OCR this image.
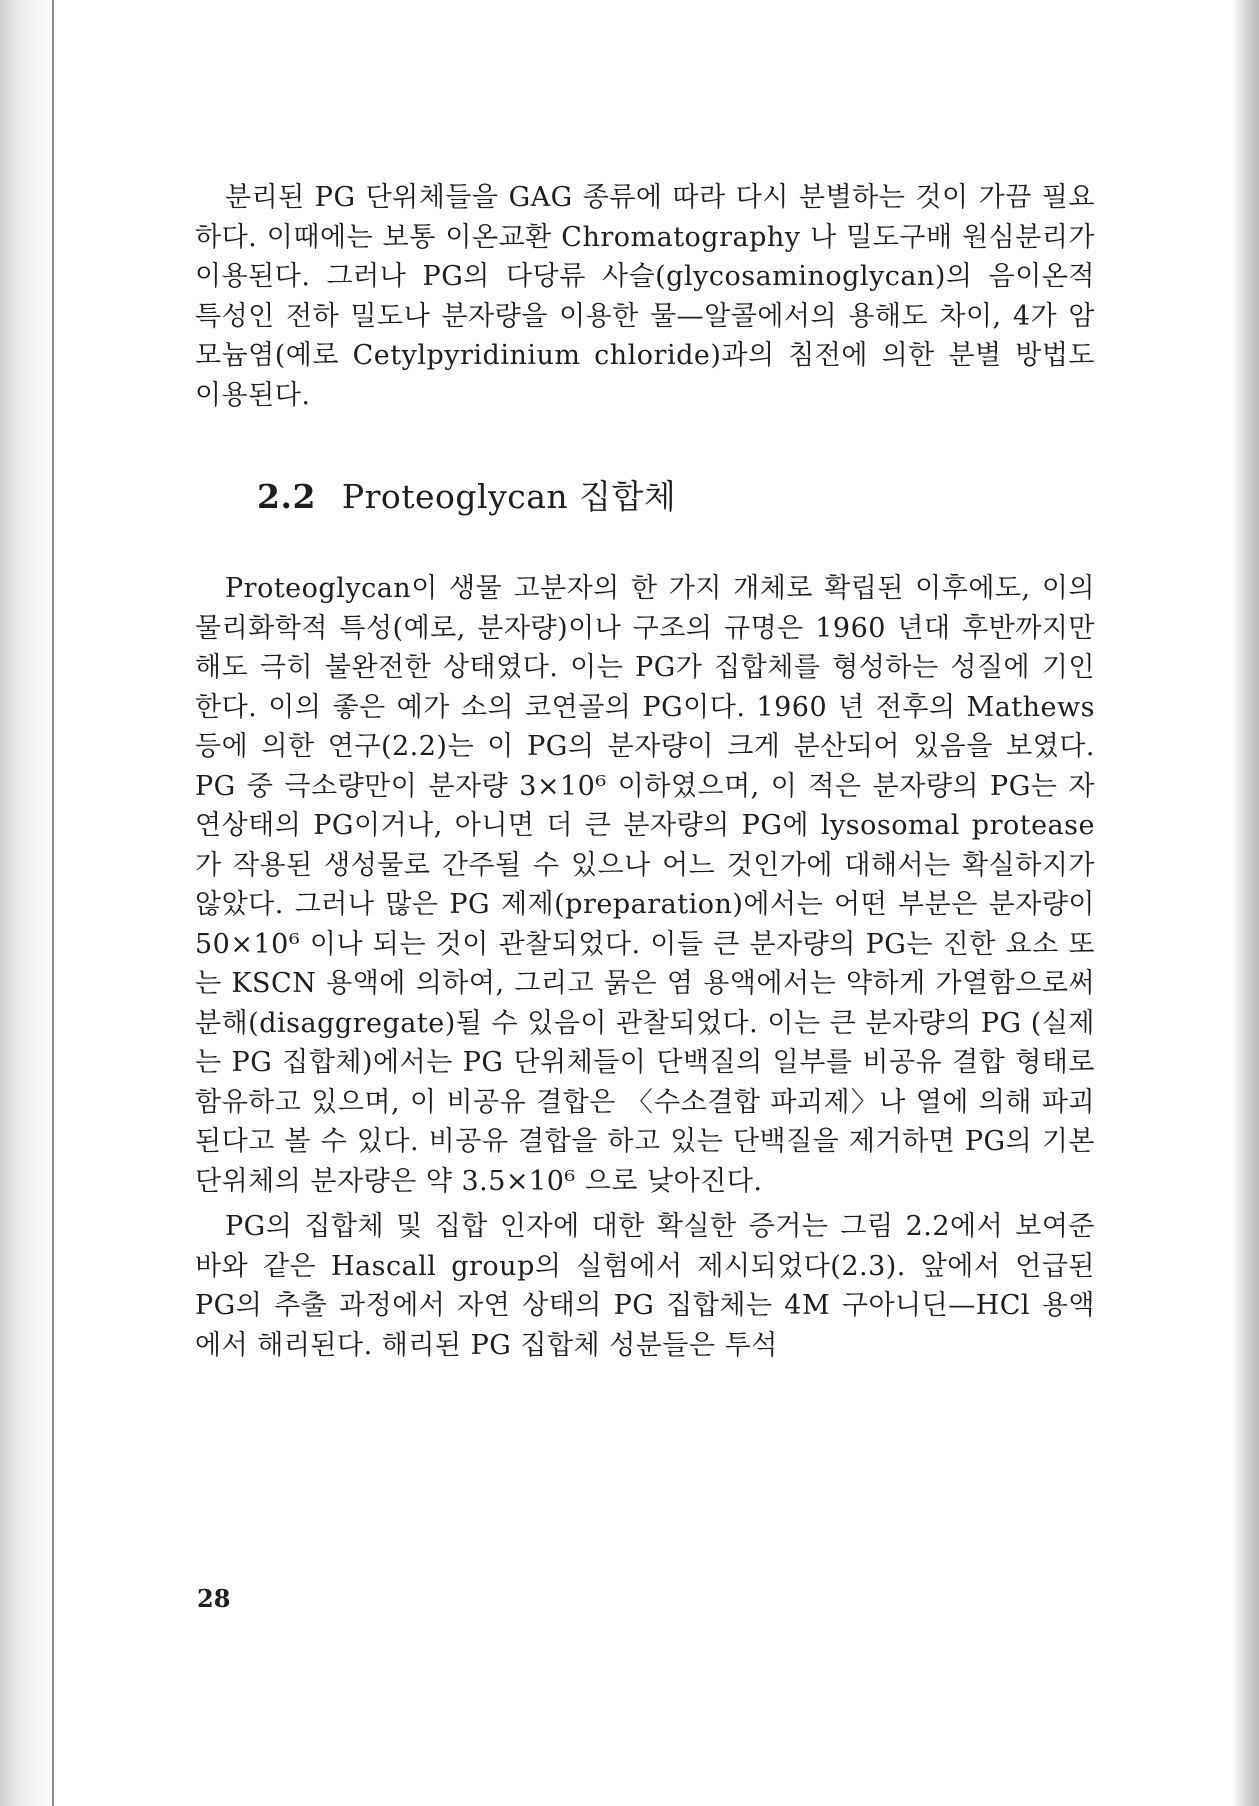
분리된 PG 단위체들을 GAG 종류에 따라 다시 분별하는 것이 가끔 필요하다. 이때에는 보통 이온교환 Chromatography 나 밀도구배 원심분리가 이용된다. 그러나 PG의 다당류 사슬(glycosaminoglycan)의 음이온적 특성인 전하 밀도나 분자량을 이용한 물—알콜에서의 용해도 차이, 4가 암모늄염(예로 Cetylpyridinium chloride)과의 침전에 의한 분별 방법도 이용된다.

2.2 Proteoglycan 집합체

Proteoglycan이 생물 고분자의 한 가지 개체로 확립된 이후에도, 이의 물리화학적 특성(예로, 분자량)이나 구조의 규명은 1960 년대 후반까지만 해도 극히 불완전한 상태였다. 이는 PG가 집합체를 형성하는 성질에 기인한다. 이의 좋은 예가 소의 코연골의 PG이다. 1960 년 전후의 Mathews 등에 의한 연구(2.2)는 이 PG의 분자량이 크게 분산되어 있음을 보였다. PG 중 극소량만이 분자량 3×10⁶ 이하였으며, 이 적은 분자량의 PG는 자연상태의 PG이거나, 아니면 더 큰 분자량의 PG에 lysosomal protease가 작용된 생성물로 간주될 수 있으나 어느 것인가에 대해서는 확실하지가 않았다. 그러나 많은 PG 제제(preparation)에서는 어떤 부분은 분자량이 50×10⁶ 이나 되는 것이 관찰되었다. 이들 큰 분자량의 PG는 진한 요소 또는 KSCN 용액에 의하여, 그리고 묽은 염 용액에서는 약하게 가열함으로써 분해(disaggregate)될 수 있음이 관찰되었다. 이는 큰 분자량의 PG (실제는 PG 집합체)에서는 PG 단위체들이 단백질의 일부를 비공유 결합 형태로 함유하고 있으며, 이 비공유 결합은 〈수소결합 파괴제〉나 열에 의해 파괴된다고 볼 수 있다. 비공유 결합을 하고 있는 단백질을 제거하면 PG의 기본 단위체의 분자량은 약 3.5×10⁶ 으로 낮아진다.

PG의 집합체 및 집합 인자에 대한 확실한 증거는 그림 2.2에서 보여준 바와 같은 Hascall group의 실험에서 제시되었다(2.3). 앞에서 언급된 PG의 추출 과정에서 자연 상태의 PG 집합체는 4M 구아니딘—HCl 용액에서 해리된다. 해리된 PG 집합체 성분들은 투석

28
